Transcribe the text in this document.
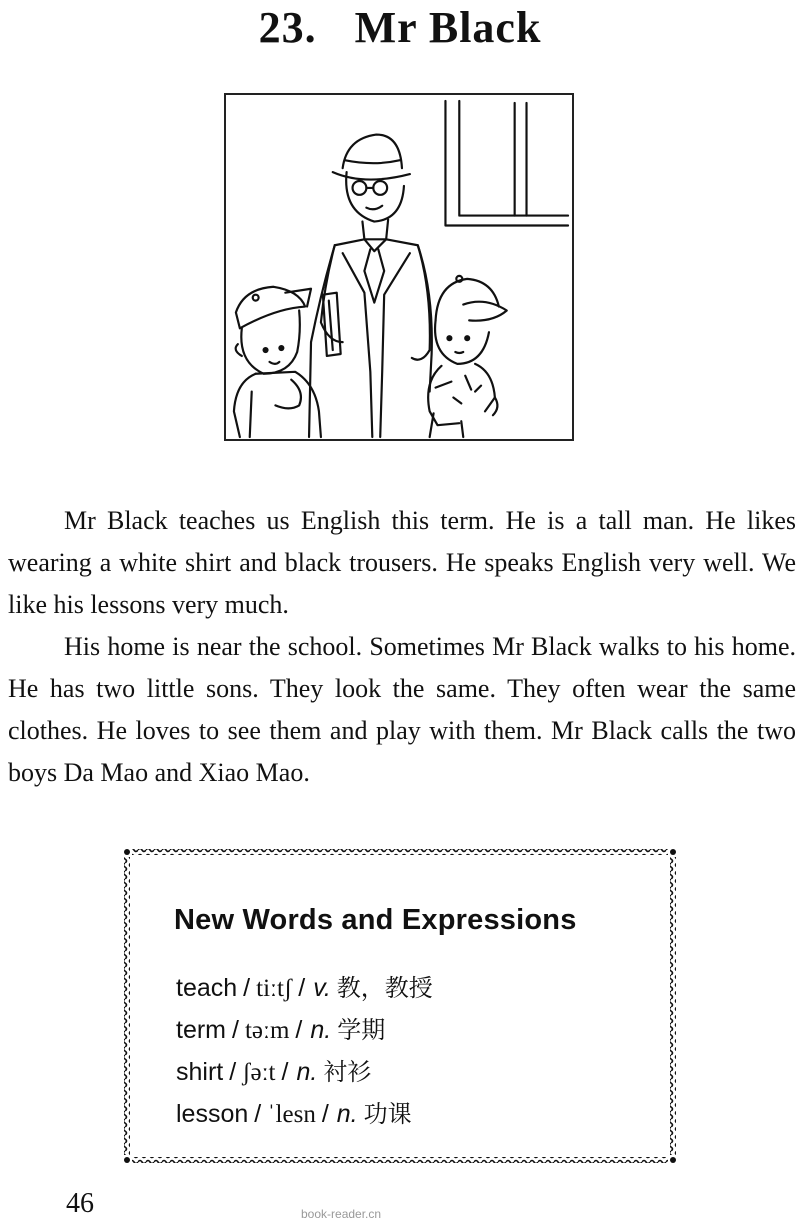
23. Mr Black

Mr Black teaches us English this term. He is a tall man. He likes wearing a white shirt and black trousers. He speaks English very well. We like his lessons very much.

His home is near the school. Sometimes Mr Black walks to his home. He has two little sons. They look the same. They often wear the same clothes. He loves to see them and play with them. Mr Black calls the two boys Da Mao and Xiao Mao.

New Words and Expressions
teach / tiːtʃ / v. 教，教授
term / təːm / n. 学期
shirt / ʃəːt / n. 衬衫
lesson / ˈlesn / n. 功课
46	book-reader.cn
